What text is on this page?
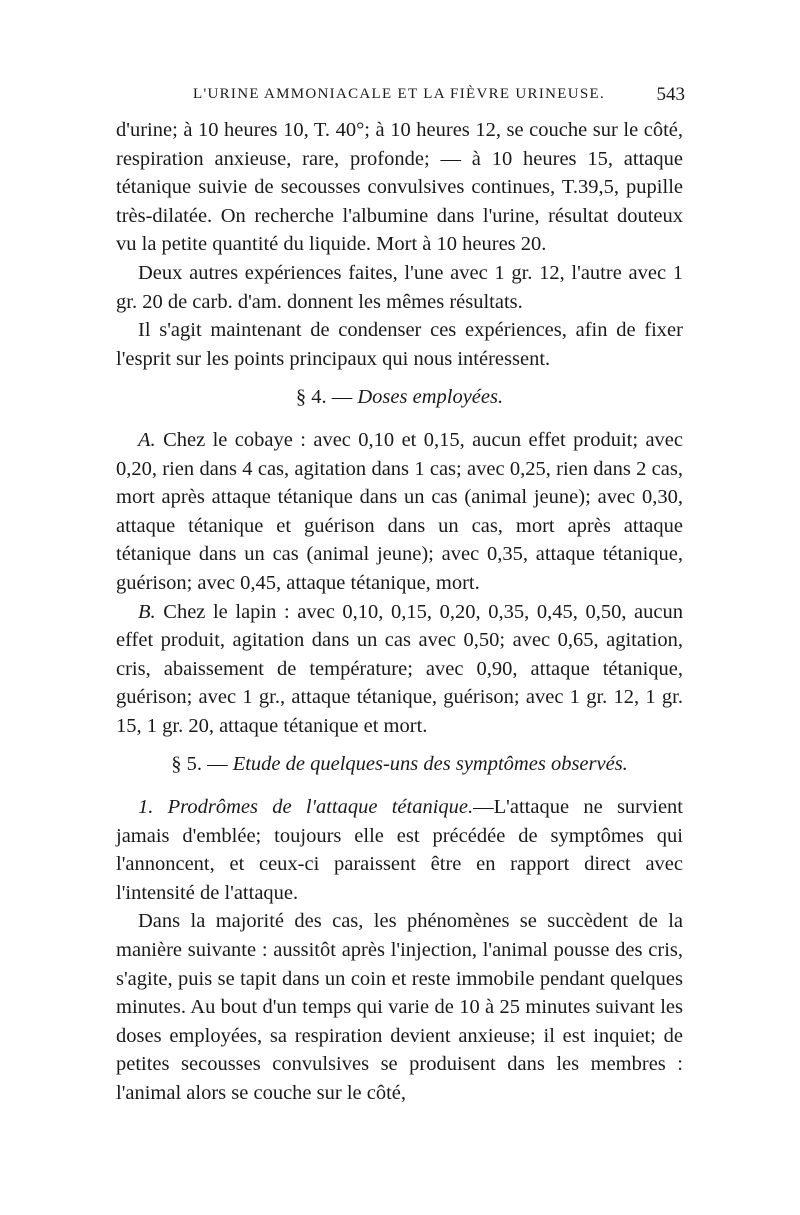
L'URINE AMMONIACALE ET LA FIÈVRE URINEUSE.	543

d'urine; à 10 heures 10, T. 40°; à 10 heures 12, se couche sur le côté, respiration anxieuse, rare, profonde; — à 10 heures 15, attaque tétanique suivie de secousses convulsives continues, T.39,5, pupille très-dilatée. On recherche l'albumine dans l'urine, résultat douteux vu la petite quantité du liquide. Mort à 10 heures 20.

Deux autres expériences faites, l'une avec 1 gr. 12, l'autre avec 1 gr. 20 de carb. d'am. donnent les mêmes résultats.

Il s'agit maintenant de condenser ces expériences, afin de fixer l'esprit sur les points principaux qui nous intéressent.

§ 4. — Doses employées.

A. Chez le cobaye : avec 0,10 et 0,15, aucun effet produit; avec 0,20, rien dans 4 cas, agitation dans 1 cas; avec 0,25, rien dans 2 cas, mort après attaque tétanique dans un cas (animal jeune); avec 0,30, attaque tétanique et guérison dans un cas, mort après attaque tétanique dans un cas (animal jeune); avec 0,35, attaque tétanique, guérison; avec 0,45, attaque tétanique, mort.

B. Chez le lapin : avec 0,10, 0,15, 0,20, 0,35, 0,45, 0,50, aucun effet produit, agitation dans un cas avec 0,50; avec 0,65, agitation, cris, abaissement de température; avec 0,90, attaque tétanique, guérison; avec 1 gr., attaque tétanique, guérison; avec 1 gr. 12, 1 gr. 15, 1 gr. 20, attaque tétanique et mort.

§ 5. — Etude de quelques-uns des symptômes observés.

1. Prodrômes de l'attaque tétanique.—L'attaque ne survient jamais d'emblée; toujours elle est précédée de symptômes qui l'annoncent, et ceux-ci paraissent être en rapport direct avec l'intensité de l'attaque.

Dans la majorité des cas, les phénomènes se succèdent de la manière suivante : aussitôt après l'injection, l'animal pousse des cris, s'agite, puis se tapit dans un coin et reste immobile pendant quelques minutes. Au bout d'un temps qui varie de 10 à 25 minutes suivant les doses employées, sa respiration devient anxieuse; il est inquiet; de petites secousses convulsives se produisent dans les membres : l'animal alors se couche sur le côté,
